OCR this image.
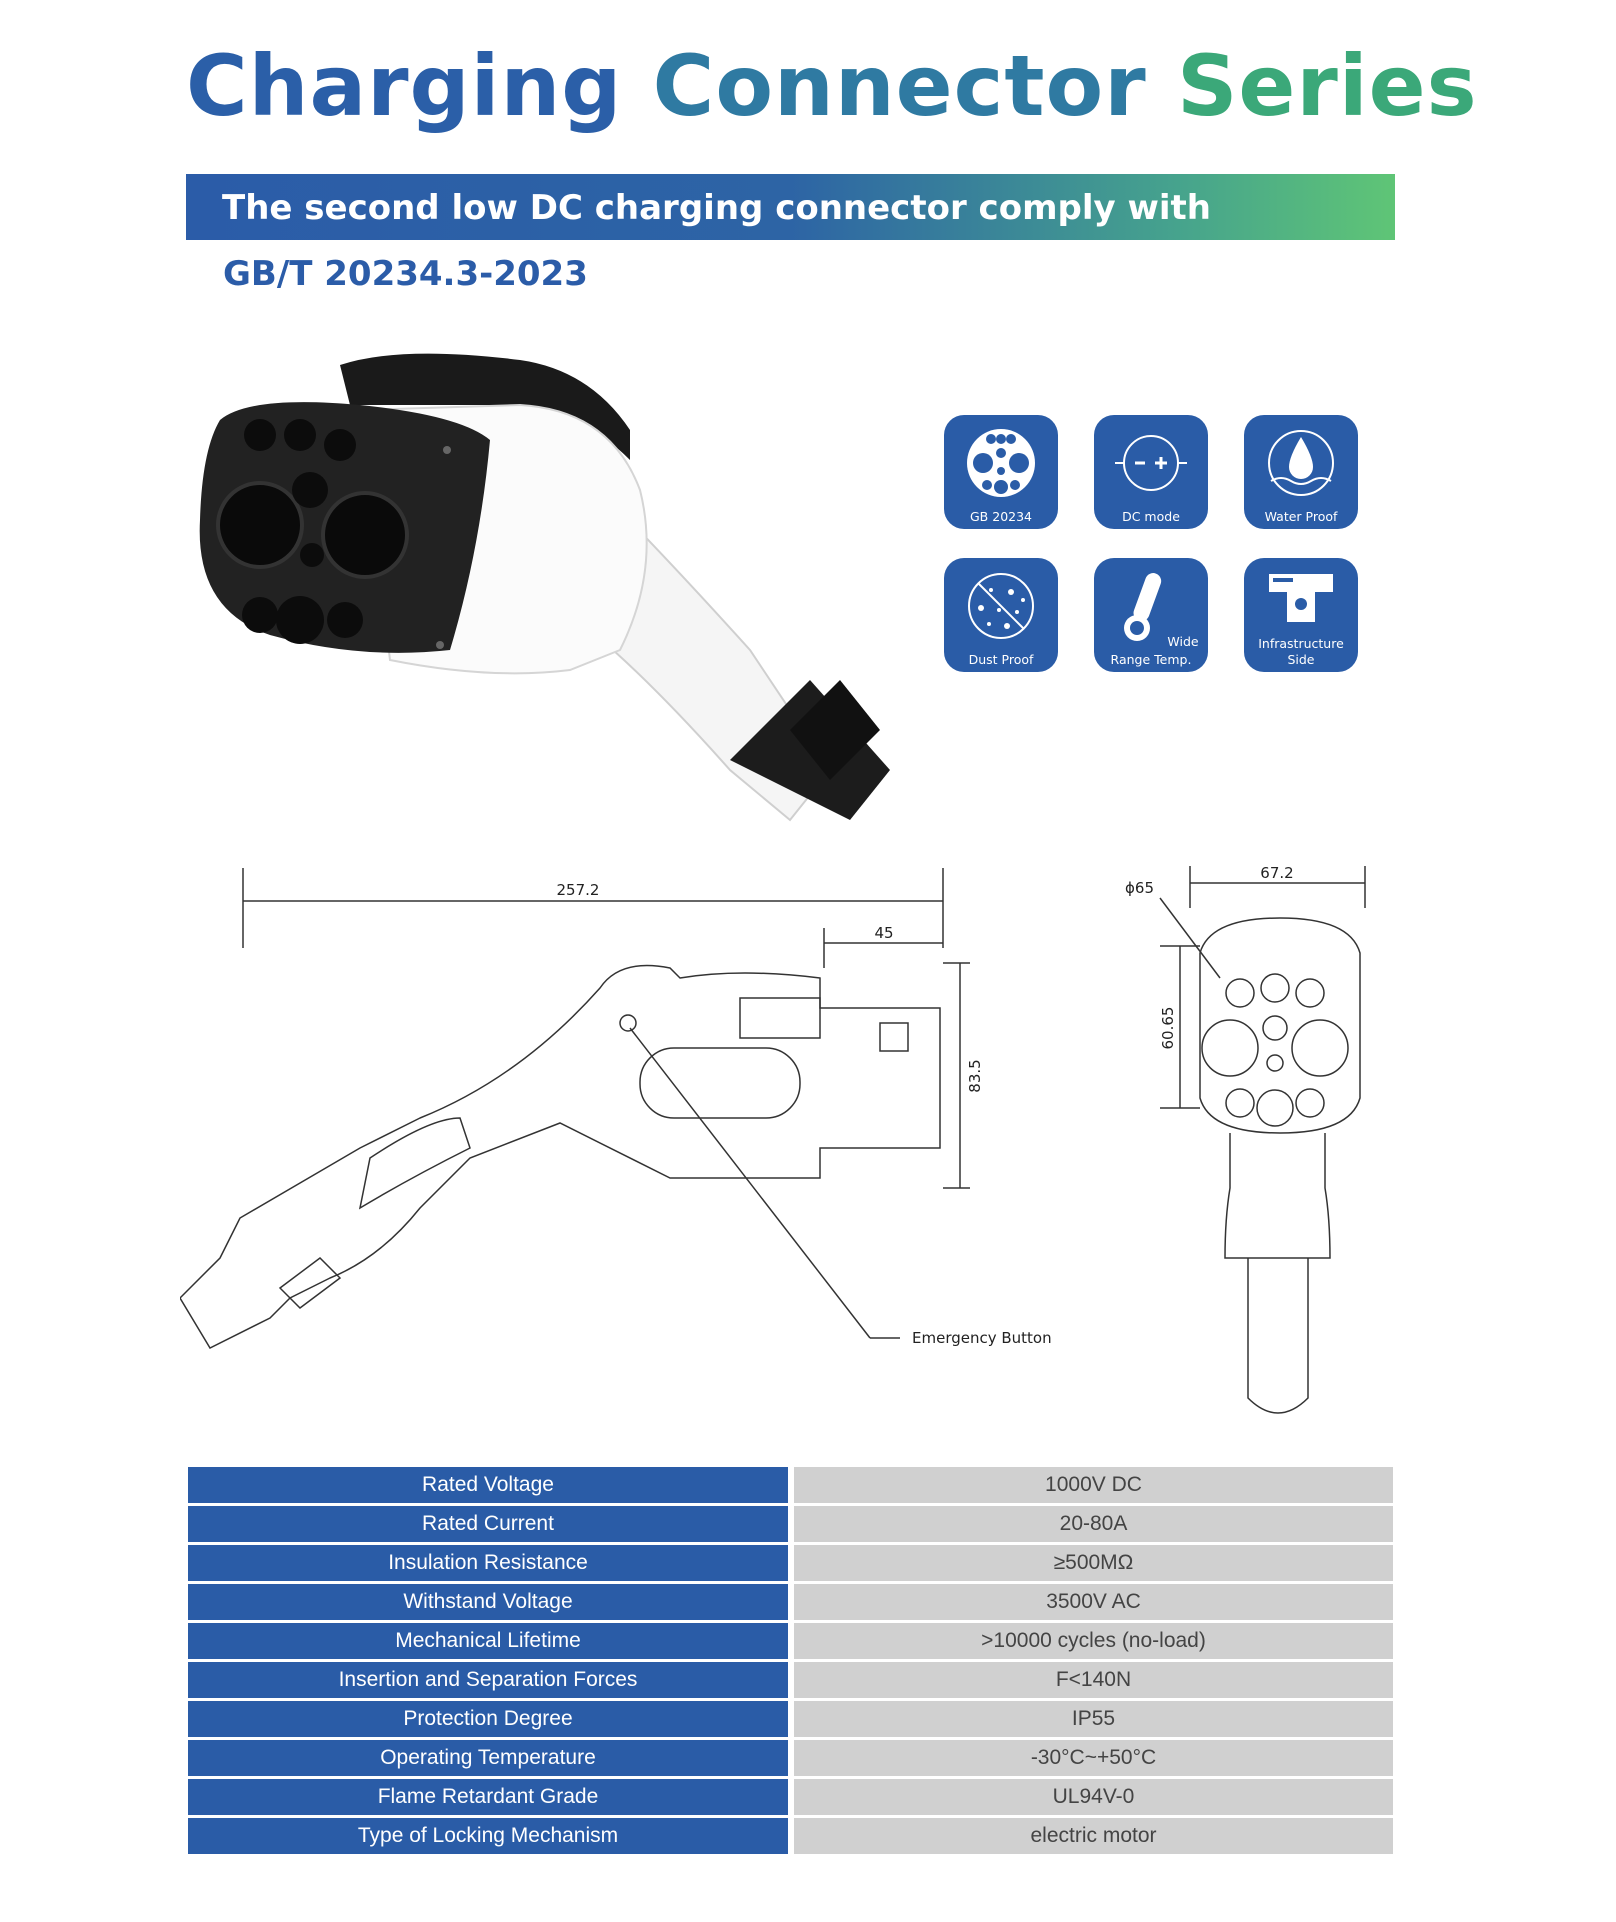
Charging Connector Series
The second low DC charging connector comply with
GB/T 20234.3-2023
GB 20234	DC mode	Water Proof
Dust Proof
Wide
Range Temp.
Infrastructure
Side
257.2
45
83.5
67.2
60.65
ϕ65
Emergency Button
Rated Voltage	1000V DC
Rated Current	20-80A
Insulation Resistance	≥500MΩ
Withstand Voltage	3500V AC
Mechanical Lifetime	>10000 cycles (no-load)
Insertion and Separation Forces	F<140N
Protection Degree	IP55
Operating Temperature	-30°C~+50°C
Flame Retardant Grade	UL94V-0
Type of Locking Mechanism	electric motor
